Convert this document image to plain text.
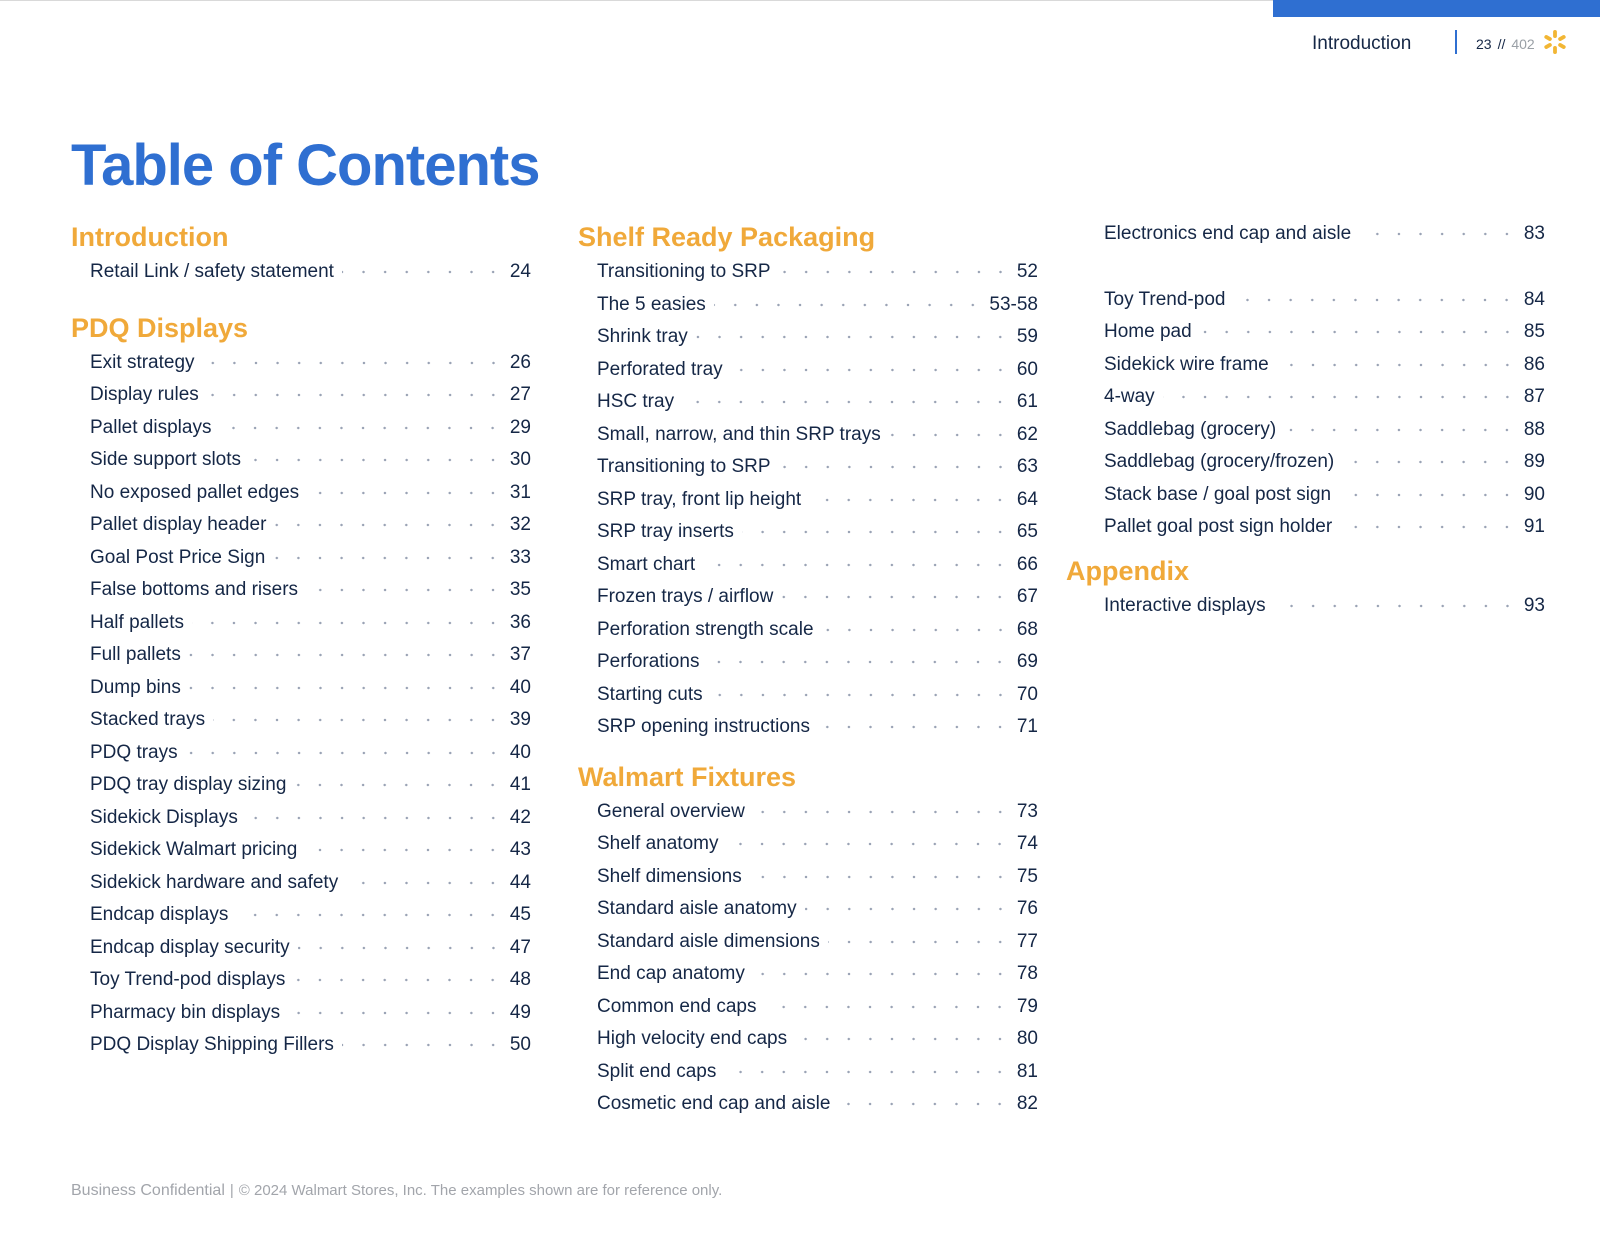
Introduction	23 // 402
Table of Contents
Introduction
Retail Link / safety statement	24
PDQ Displays
Exit strategy	26
Display rules	27
Pallet displays	29
Side support slots	30
No exposed pallet edges	31
Pallet display header	32
Goal Post Price Sign	33
False bottoms and risers	35
Half pallets	36
Full pallets	37
Dump bins	40
Stacked trays	39
PDQ trays	40
PDQ tray display sizing	41
Sidekick Displays	42
Sidekick Walmart pricing	43
Sidekick hardware and safety	44
Endcap displays	45
Endcap display security	47
Toy Trend-pod displays	48
Pharmacy bin displays	49
PDQ Display Shipping Fillers	50
Shelf Ready Packaging
Transitioning to SRP	52
The 5 easies	53-58
Shrink tray	59
Perforated tray	60
HSC tray	61
Small, narrow, and thin SRP trays	62
Transitioning to SRP	63
SRP tray, front lip height	64
SRP tray inserts	65
Smart chart	66
Frozen trays / airflow	67
Perforation strength scale	68
Perforations	69
Starting cuts	70
SRP opening instructions	71
Walmart Fixtures
General overview	73
Shelf anatomy	74
Shelf dimensions	75
Standard aisle anatomy	76
Standard aisle dimensions	77
End cap anatomy	78
Common end caps	79
High velocity end caps	80
Split end caps	81
Cosmetic end cap and aisle	82
Electronics end cap and aisle	83
Toy Trend-pod	84
Home pad	85
Sidekick wire frame	86
4-way	87
Saddlebag (grocery)	88
Saddlebag (grocery/frozen)	89
Stack base / goal post sign	90
Pallet goal post sign holder	91
Appendix
Interactive displays	93
Business Confidential | © 2024 Walmart Stores, Inc. The examples shown are for reference only.
